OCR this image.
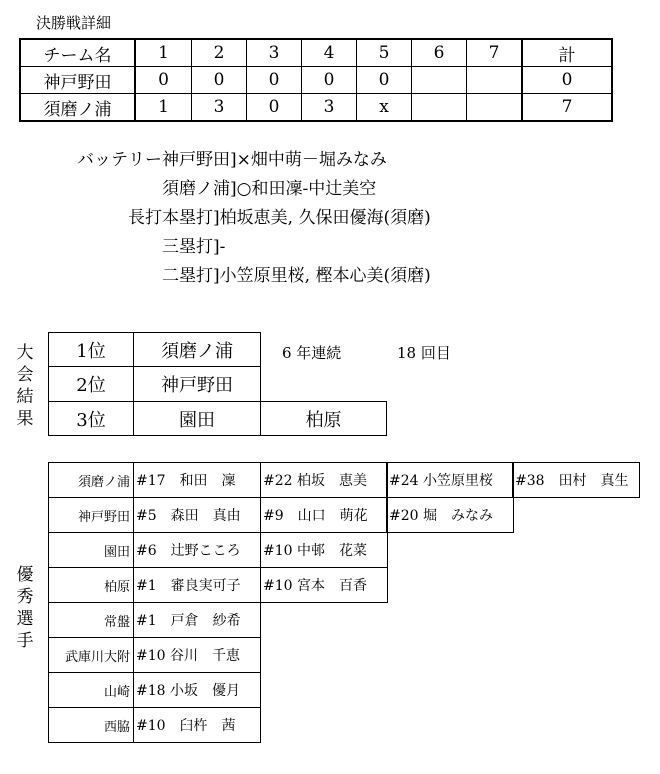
決勝戦詳細
チーム名	1	2	3	4	5	6	7	計
神戸野田	0	0	0	0	0			0
須磨ノ浦	1	3	0	3	x			7
バッテリー 神戸野田]×畑中萌－堀みなみ
須磨ノ浦]○和田凜-中辻美空
長打 本塁打]柏坂恵美, 久保田優海(須磨)
三塁打]-
二塁打]小笠原里桜, 樫本心美(須磨)
大
会
結
果
1位	須磨ノ浦	6 年連続	18 回目
2位	神戸野田
3位	園田	柏原
優
秀
選
手
須磨ノ浦 #17　和田　凜	#22 柏坂　恵美	#24 小笠原里桜	#38　田村　真生
神戸野田 #5　森田　真由	#9　山口　萌花	#20 堀　みなみ
園田 #6　辻野こころ	#10 中邨　花菜
柏原 #1　審良実可子	#10 宮本　百香
常盤 #1　戸倉　紗希
武庫川大附 #10 谷川　千恵
山崎 #18 小坂　優月
西脇 #10　臼杵　茜
